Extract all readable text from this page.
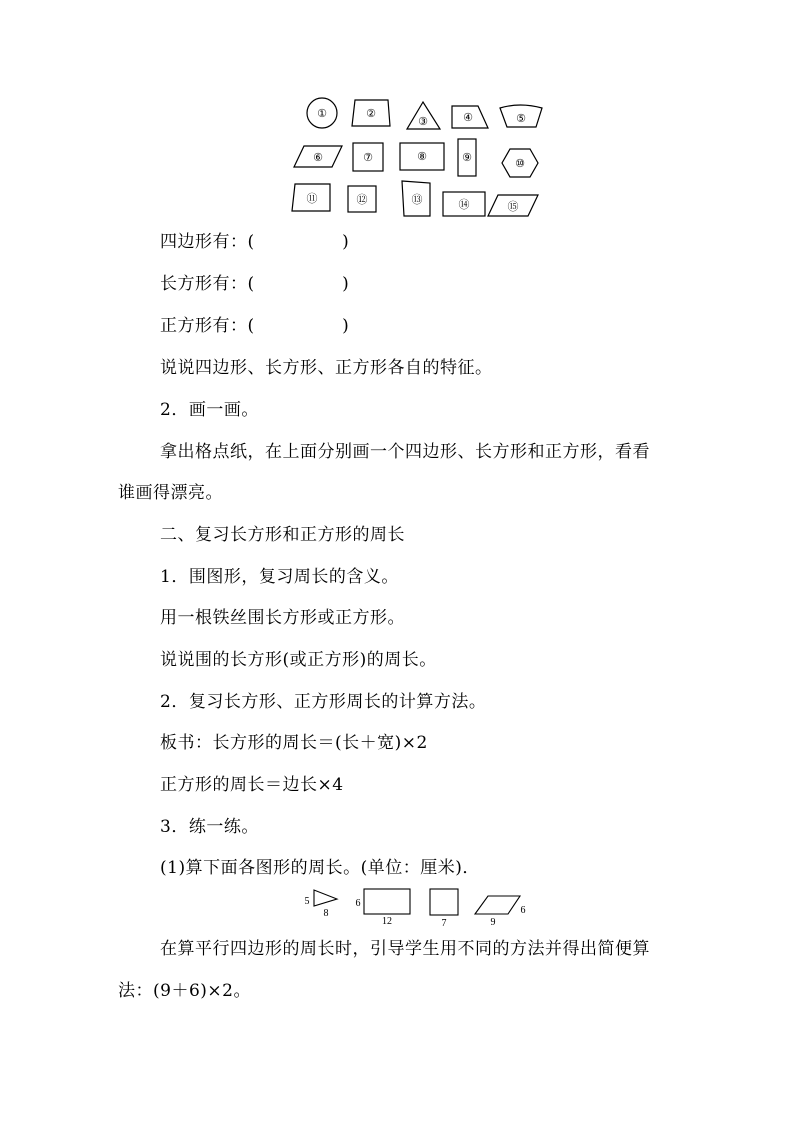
①	②
③	④	⑤
⑥	⑦	⑧	⑨	⑩
⑪	⑫	⑬	⑭	⑮
四边形有：(　　　　　)
长方形有：(　　　　　)
正方形有：(　　　　　)
说说四边形、长方形、正方形各自的特征。
2．画一画。
拿出格点纸，在上面分别画一个四边形、长方形和正方形，看看
谁画得漂亮。
二、复习长方形和正方形的周长
1．围图形，复习周长的含义。
用一根铁丝围长方形或正方形。
说说围的长方形(或正方形)的周长。
2．复习长方形、正方形周长的计算方法。
板书：长方形的周长＝(长＋宽)×2
正方形的周长＝边长×4
3．练一练。
(1)算下面各图形的周长。(单位：厘米)．
5
8
6
12	7
6
9
在算平行四边形的周长时，引导学生用不同的方法并得出简便算
法：(9＋6)×2。
